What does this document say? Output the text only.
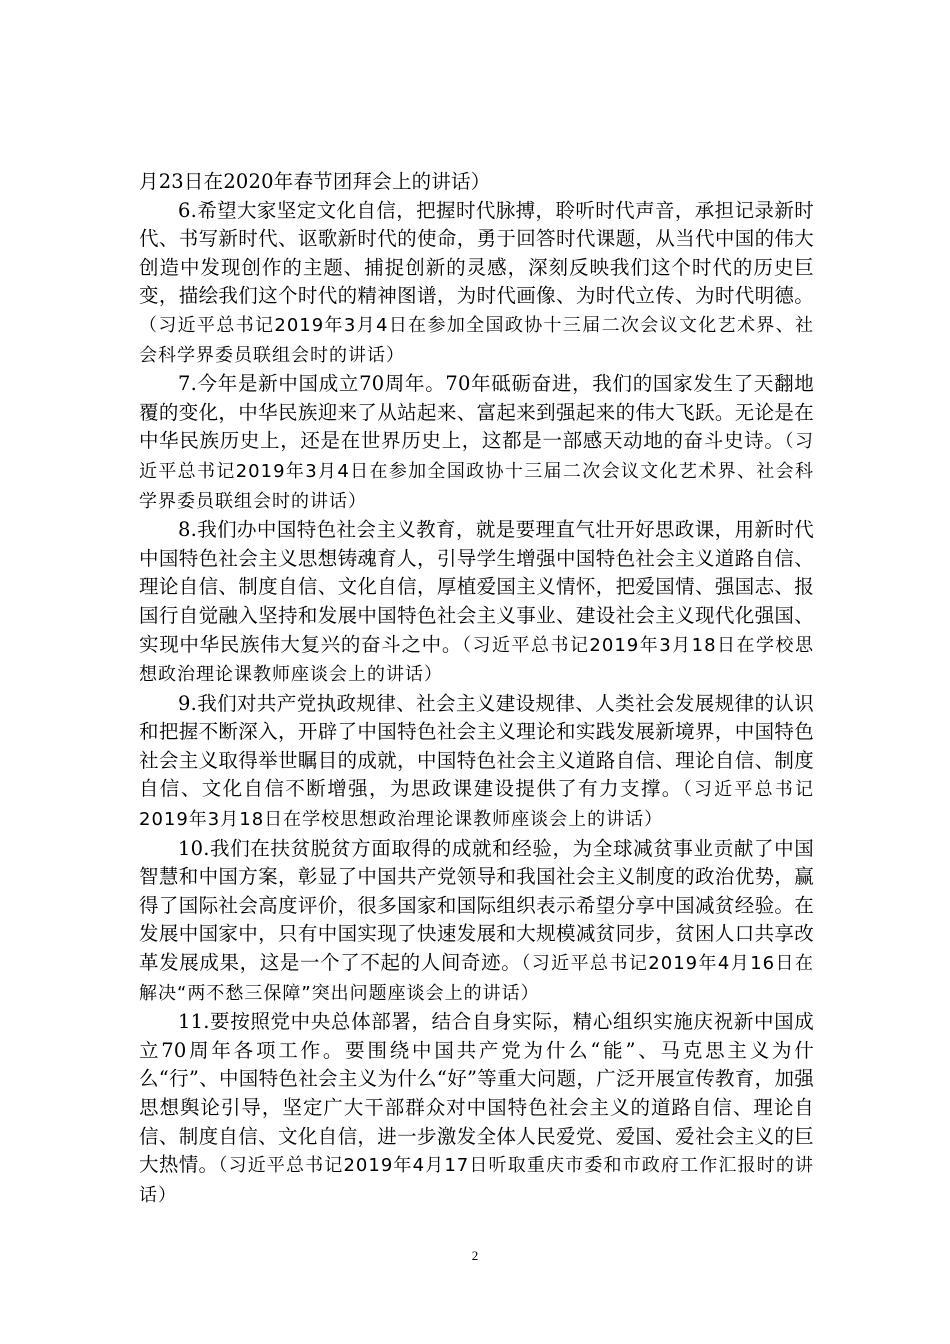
月23日在2020年春节团拜会上的讲话）

6.希望大家坚定文化自信，把握时代脉搏，聆听时代声音，承担记录新时代、书写新时代、讴歌新时代的使命，勇于回答时代课题，从当代中国的伟大创造中发现创作的主题、捕捉创新的灵感，深刻反映我们这个时代的历史巨变，描绘我们这个时代的精神图谱，为时代画像、为时代立传、为时代明德。（习近平总书记2019年3月4日在参加全国政协十三届二次会议文化艺术界、社会科学界委员联组会时的讲话）

7.今年是新中国成立70周年。70年砥砺奋进，我们的国家发生了天翻地覆的变化，中华民族迎来了从站起来、富起来到强起来的伟大飞跃。无论是在中华民族历史上，还是在世界历史上，这都是一部感天动地的奋斗史诗。（习近平总书记2019年3月4日在参加全国政协十三届二次会议文化艺术界、社会科学界委员联组会时的讲话）

8.我们办中国特色社会主义教育，就是要理直气壮开好思政课，用新时代中国特色社会主义思想铸魂育人，引导学生增强中国特色社会主义道路自信、理论自信、制度自信、文化自信，厚植爱国主义情怀，把爱国情、强国志、报国行自觉融入坚持和发展中国特色社会主义事业、建设社会主义现代化强国、实现中华民族伟大复兴的奋斗之中。（习近平总书记2019年3月18日在学校思想政治理论课教师座谈会上的讲话）

9.我们对共产党执政规律、社会主义建设规律、人类社会发展规律的认识和把握不断深入，开辟了中国特色社会主义理论和实践发展新境界，中国特色社会主义取得举世瞩目的成就，中国特色社会主义道路自信、理论自信、制度自信、文化自信不断增强，为思政课建设提供了有力支撑。（习近平总书记2019年3月18日在学校思想政治理论课教师座谈会上的讲话）

10.我们在扶贫脱贫方面取得的成就和经验，为全球减贫事业贡献了中国智慧和中国方案，彰显了中国共产党领导和我国社会主义制度的政治优势，赢得了国际社会高度评价，很多国家和国际组织表示希望分享中国减贫经验。在发展中国家中，只有中国实现了快速发展和大规模减贫同步，贫困人口共享改革发展成果，这是一个了不起的人间奇迹。（习近平总书记2019年4月16日在解决“两不愁三保障”突出问题座谈会上的讲话）

11.要按照党中央总体部署，结合自身实际，精心组织实施庆祝新中国成立70周年各项工作。要围绕中国共产党为什么“能”、马克思主义为什么“行”、中国特色社会主义为什么“好”等重大问题，广泛开展宣传教育，加强思想舆论引导，坚定广大干部群众对中国特色社会主义的道路自信、理论自信、制度自信、文化自信，进一步激发全体人民爱党、爱国、爱社会主义的巨大热情。（习近平总书记2019年4月17日听取重庆市委和市政府工作汇报时的讲话）

2
